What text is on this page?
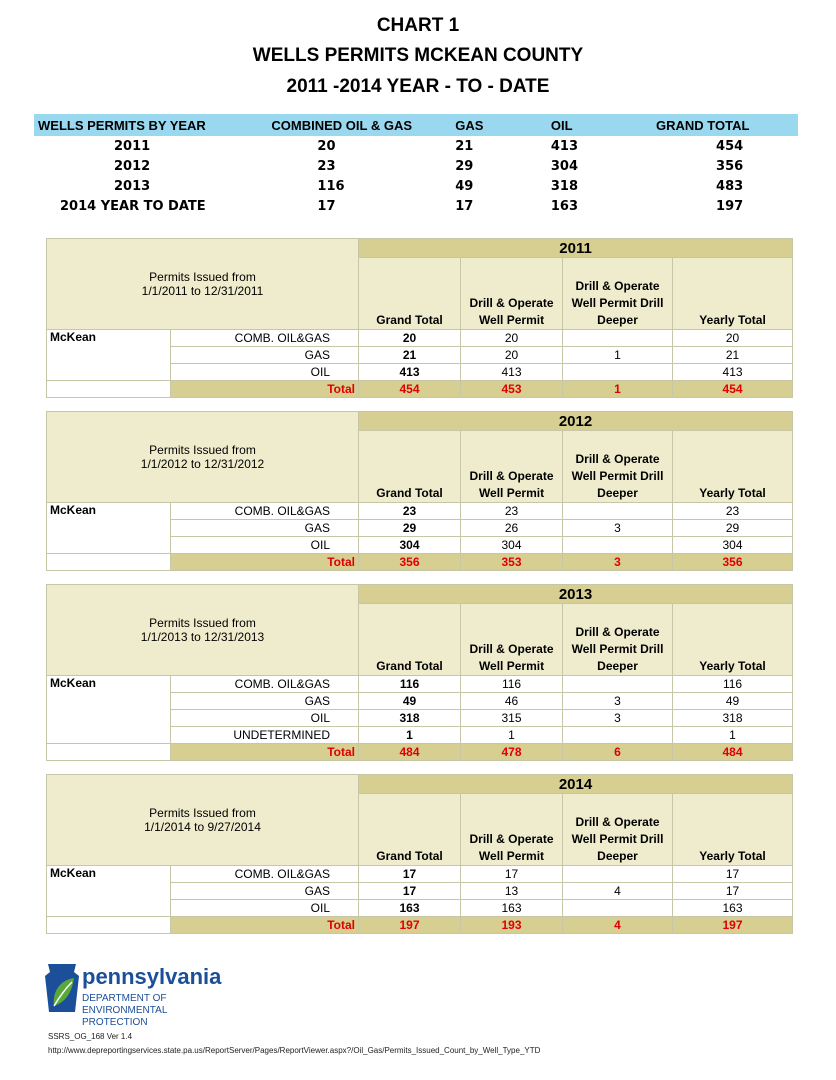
CHART 1
WELLS PERMITS MCKEAN COUNTY
2011 -2014 YEAR - TO - DATE
WELLS PERMITS BY YEAR	COMBINED OIL & GAS	GAS	OIL	GRAND TOTAL
2011	20	21	413	454
2012	23	29	304	356
2013	116	49	318	483
2014 YEAR TO DATE	17	17	163	197
Permits Issued from
1/1/2011 to 12/31/2011		2011			
		Grand Total	Drill & Operate Well Permit	Drill & Operate Well Permit Drill Deeper	Yearly Total
McKean	COMB. OIL&GAS	20	20		20
	GAS	21	20	1	21
	OIL	413	413		413
	Total	454	453	1	454
Permits Issued from
1/1/2012 to 12/31/2012		2012			
		Grand Total	Drill & Operate Well Permit	Drill & Operate Well Permit Drill Deeper	Yearly Total
McKean	COMB. OIL&GAS	23	23		23
	GAS	29	26	3	29
	OIL	304	304		304
	Total	356	353	3	356
Permits Issued from
1/1/2013 to 12/31/2013		2013			
		Grand Total	Drill & Operate Well Permit	Drill & Operate Well Permit Drill Deeper	Yearly Total
McKean	COMB. OIL&GAS	116	116		116
	GAS	49	46	3	49
	OIL	318	315	3	318
	UNDETERMINED	1	1		1
	Total	484	478	6	484
Permits Issued from
1/1/2014 to 9/27/2014		2014			
		Grand Total	Drill & Operate Well Permit	Drill & Operate Well Permit Drill Deeper	Yearly Total
McKean	COMB. OIL&GAS	17	17		17
	GAS	17	13	4	17
	OIL	163	163		163
	Total	197	193	4	197
pennsylvania
DEPARTMENT OF ENVIRONMENTAL
PROTECTION
SSRS_OG_168 Ver 1.4
http://www.depreportingservices.state.pa.us/ReportServer/Pages/ReportViewer.aspx?/Oil_Gas/Permits_Issued_Count_by_Well_Type_YTD
